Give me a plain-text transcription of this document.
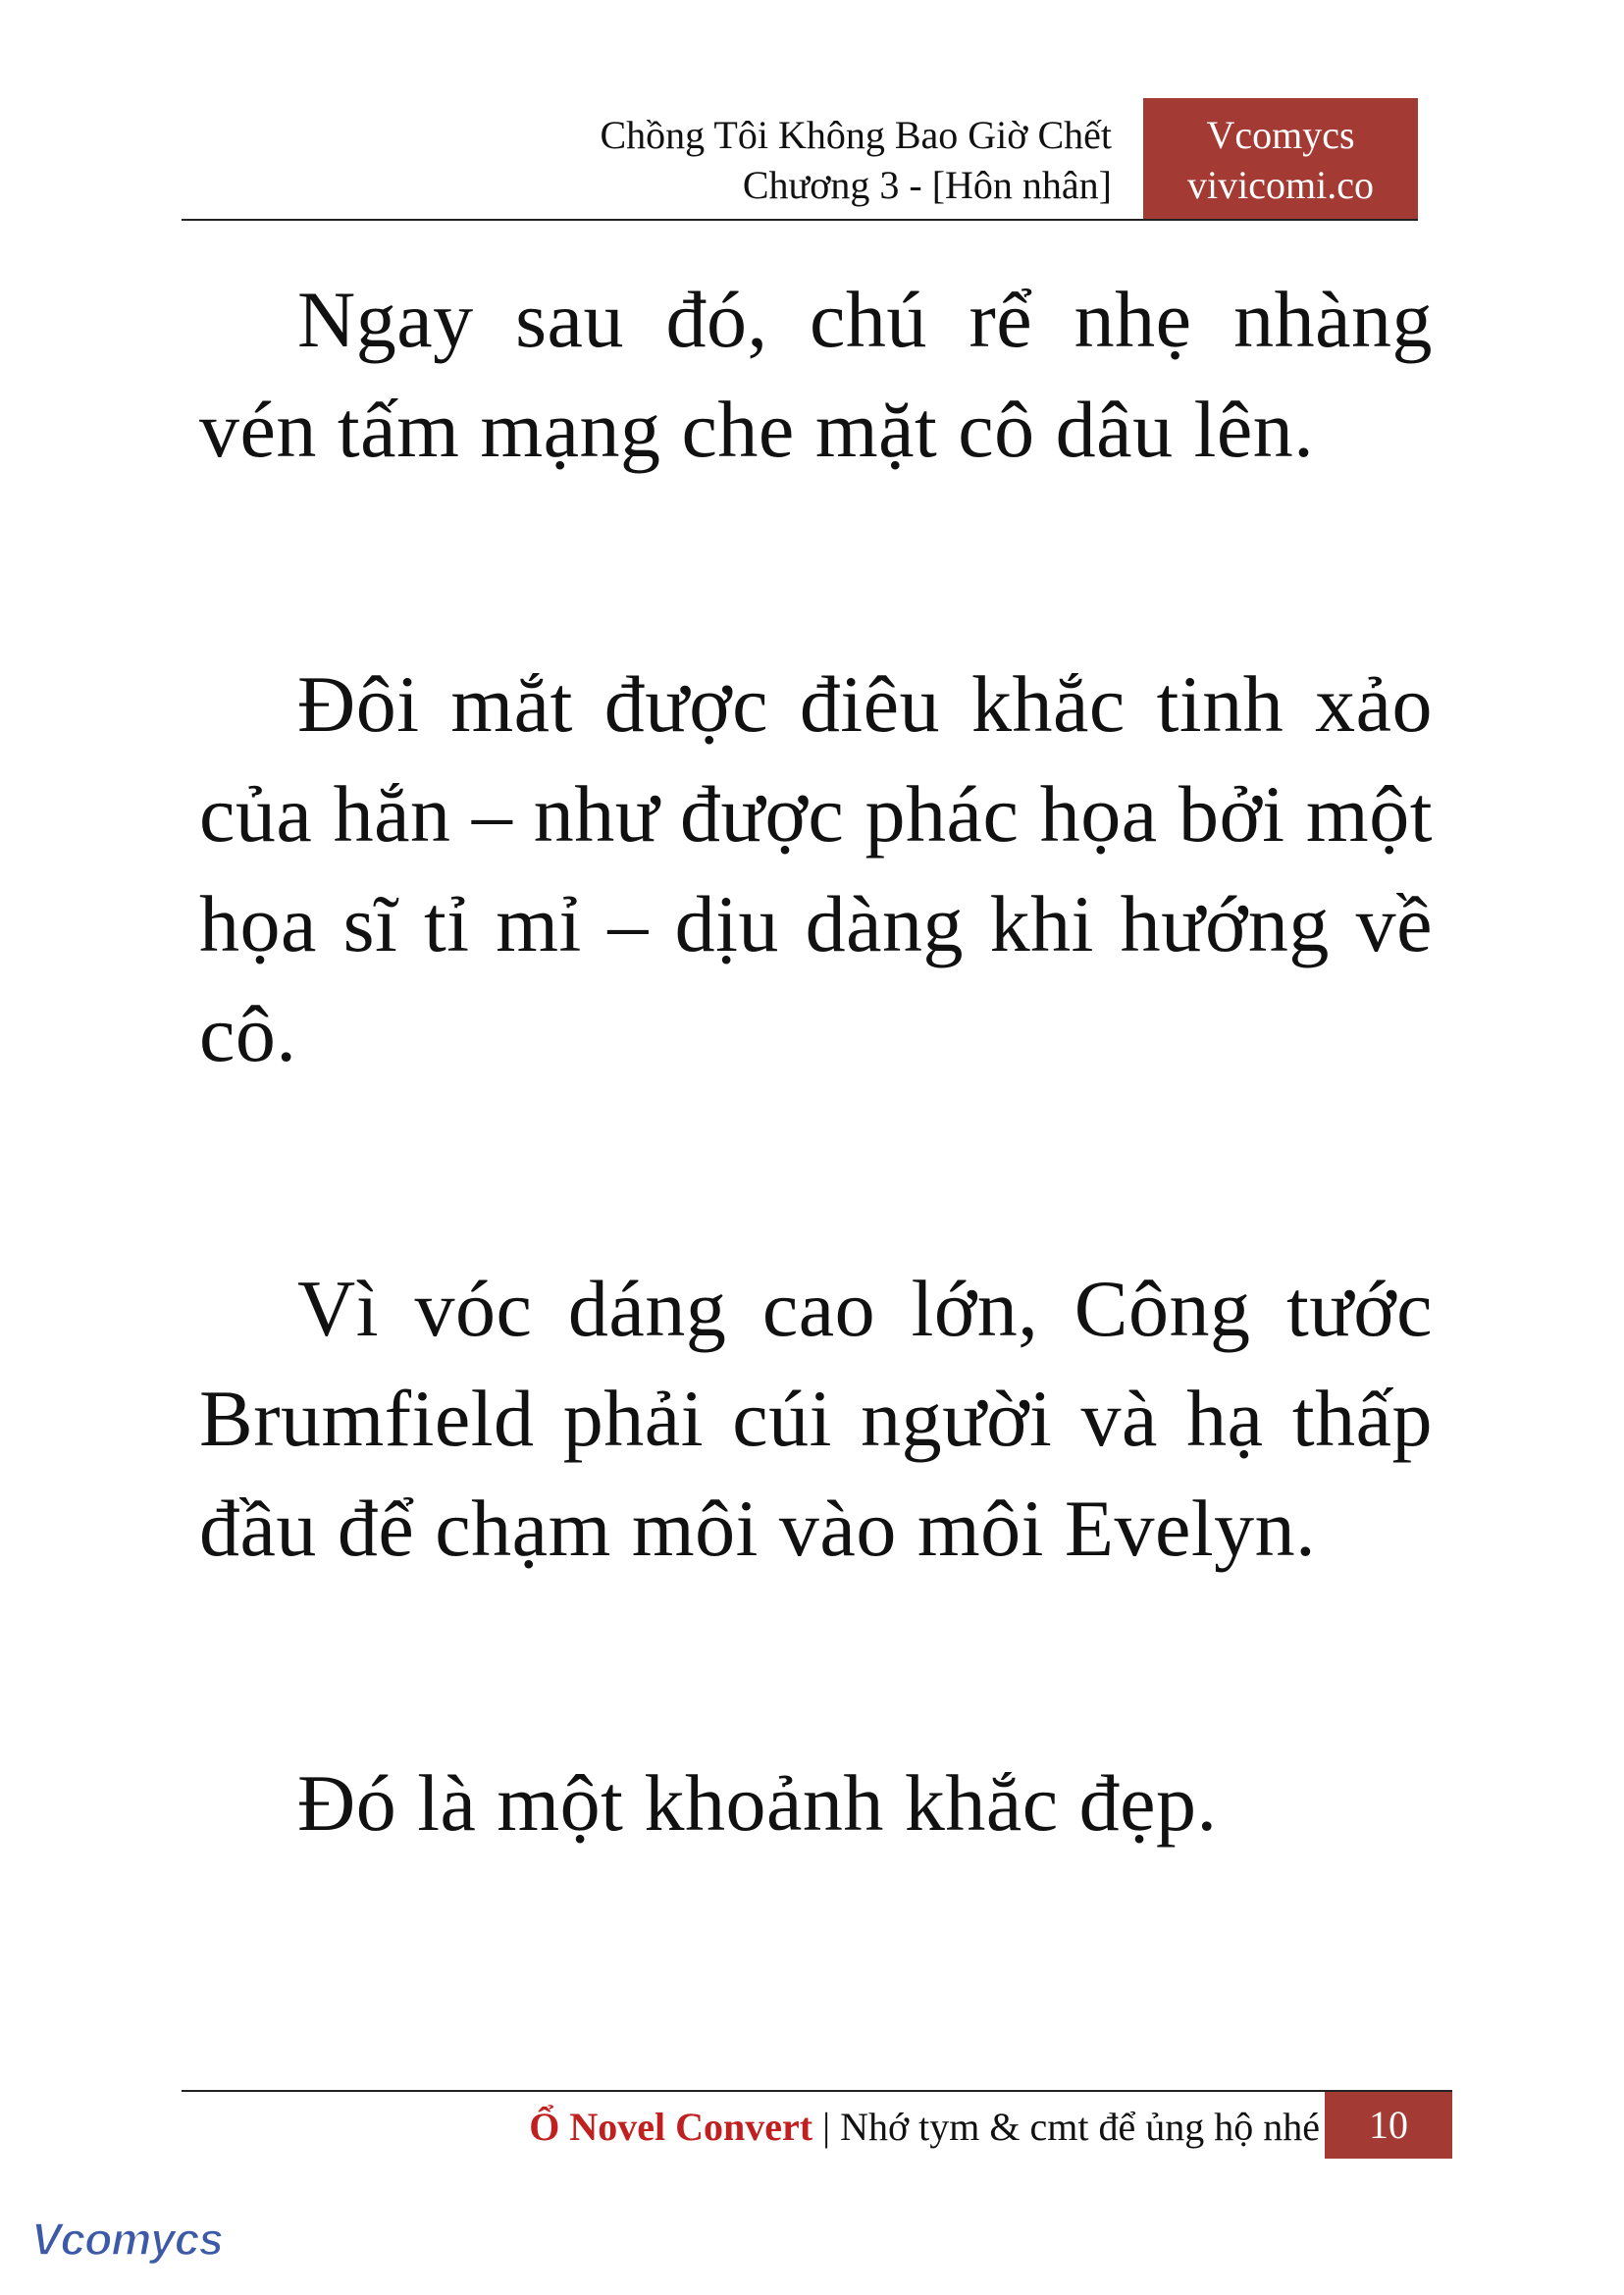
Chồng Tôi Không Bao Giờ Chết
Chương 3 - [Hôn nhân]
Vcomycs
vivicomi.co

Ngay sau đó, chú rể nhẹ nhàng vén tấm mạng che mặt cô dâu lên.

Đôi mắt được điêu khắc tinh xảo của hắn – như được phác họa bởi một họa sĩ tỉ mỉ – dịu dàng khi hướng về cô.

Vì vóc dáng cao lớn, Công tước Brumfield phải cúi người và hạ thấp đầu để chạm môi vào môi Evelyn.

Đó là một khoảnh khắc đẹp.

Ổ Novel Convert | Nhớ tym & cmt để ủng hộ nhé	10
Vcomycs
